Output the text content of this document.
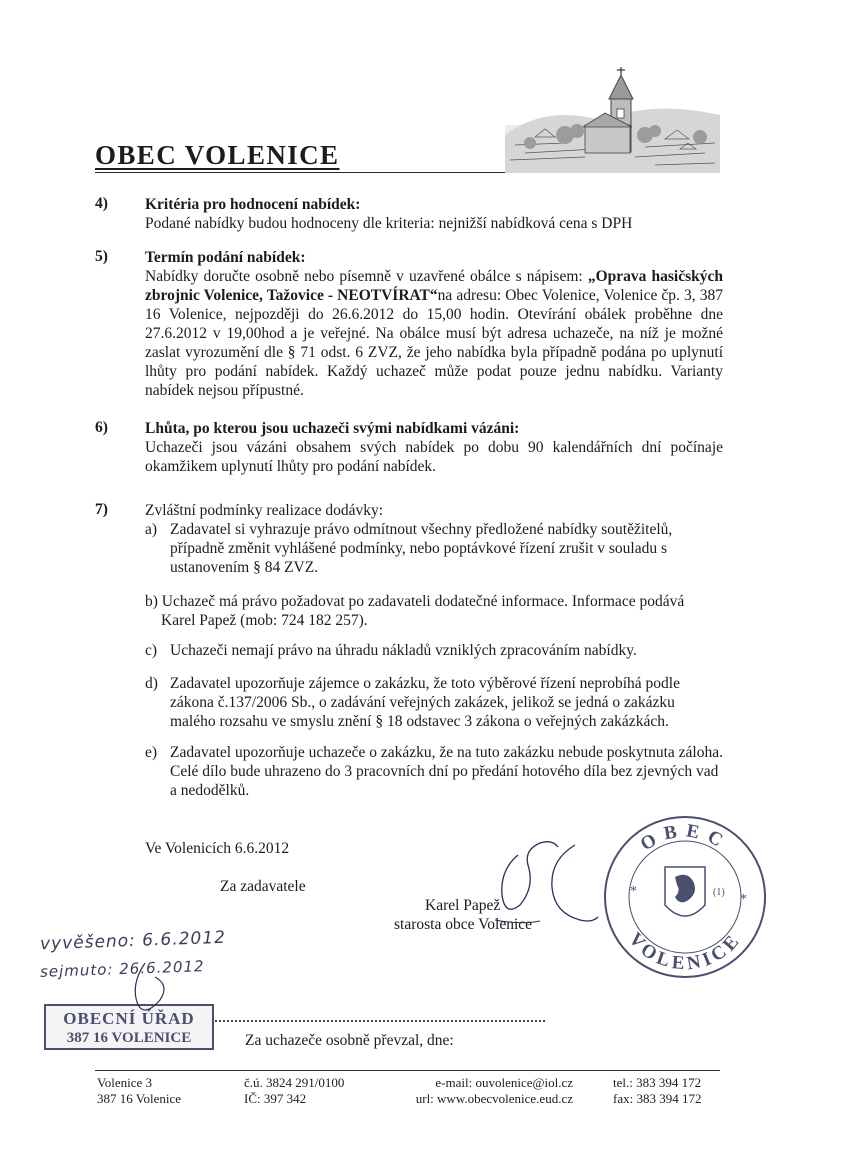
OBEC VOLENICE
4) Kritéria pro hodnocení nabídek:
Podané nabídky budou hodnoceny dle kriteria: nejnižší nabídková cena s DPH
5) Termín podání nabídek:
Nabídky doručte osobně nebo písemně v uzavřené obálce s nápisem: „Oprava hasičských zbrojnic Volenice, Tažovice - NEOTVÍRAT“na adresu: Obec Volenice, Volenice čp. 3, 387 16 Volenice, nejpozději do 26.6.2012 do 15,00 hodin. Otevírání obálek proběhne dne 27.6.2012 v 19,00hod a je veřejné. Na obálce musí být adresa uchazeče, na níž je možné zaslat vyrozumění dle § 71 odst. 6 ZVZ, že jeho nabídka byla případně podána po uplynutí lhůty pro podání nabídek. Každý uchazeč může podat pouze jednu nabídku. Varianty nabídek nejsou přípustné.
6) Lhůta, po kterou jsou uchazeči svými nabídkami vázáni:
Uchazeči jsou vázáni obsahem svých nabídek po dobu 90 kalendářních dní počínaje okamžikem uplynutí lhůty pro podání nabídek.
7) Zvláštní podmínky realizace dodávky:
a) Zadavatel si vyhrazuje právo odmítnout všechny předložené nabídky soutěžitelů, případně změnit vyhlášené podmínky, nebo poptávkové řízení zrušit v souladu s ustanovením § 84 ZVZ.
b) Uchazeč má právo požadovat po zadavateli dodatečné informace. Informace podává
Karel Papež (mob: 724 182 257).
c) Uchazeči nemají právo na úhradu nákladů vzniklých zpracováním nabídky.
d) Zadavatel upozorňuje zájemce o zakázku, že toto výběrové řízení neprobíhá podle zákona č.137/2006 Sb., o zadávání veřejných zakázek, jelikož se jedná o zakázku malého rozsahu ve smyslu znění § 18 odstavec 3 zákona o veřejných zakázkách.
e) Zadavatel upozorňuje uchazeče o zakázku, že na tuto zakázku nebude poskytnuta záloha. Celé dílo bude uhrazeno do 3 pracovních dní po předání hotového díla bez zjevných vad a nedodělků.
Ve Volenicích 6.6.2012
Za zadavatele
Karel Papež
starosta obce Volenice
OBEC
VOLENICE
*
*
(1)
vyvěšeno: 6.6.2012
sejmuto: 26.6.2012
OBECNÍ ÚŘAD
387 16 VOLENICE	Za uchazeče osobně převzal, dne:
Volenice 3
387 16 Volenice
č.ú. 3824 291/0100
IČ: 397 342
e-mail: ouvolenice@iol.cz
url: www.obecvolenice.eud.cz
tel.: 383 394 172
fax: 383 394 172
